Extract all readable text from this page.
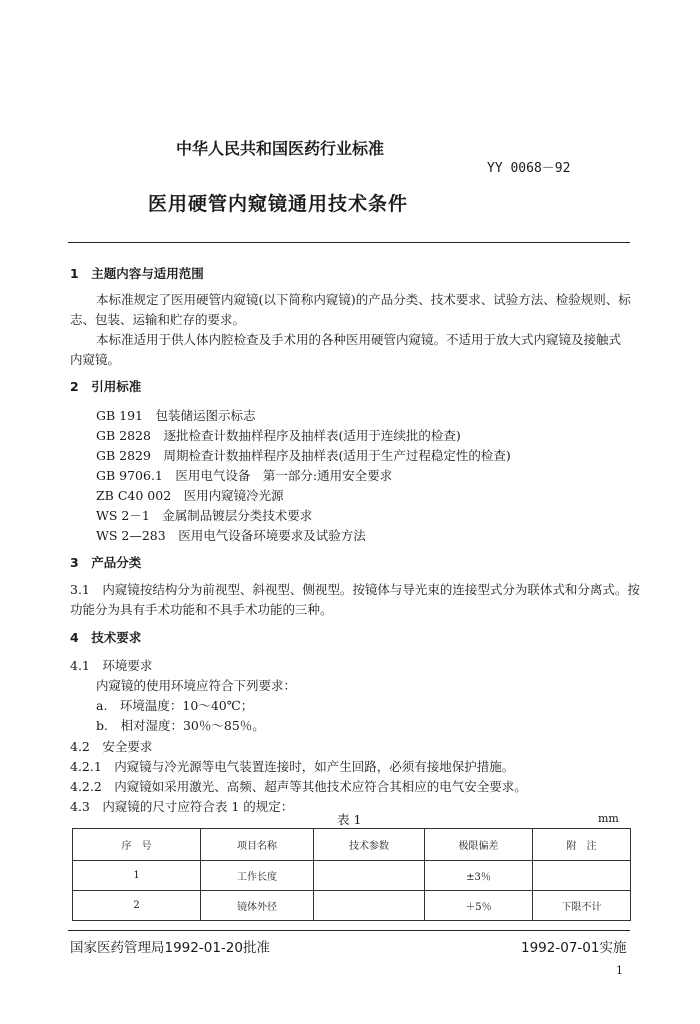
中华人民共和国医药行业标准
YY 0068－92
医用硬管内窥镜通用技术条件
1　主题内容与适用范围
本标准规定了医用硬管内窥镜(以下简称内窥镜)的产品分类、技术要求、试验方法、检验规则、标
志、包装、运输和贮存的要求。
本标准适用于供人体内腔检查及手术用的各种医用硬管内窥镜。不适用于放大式内窥镜及接触式
内窥镜。
2　引用标准
GB 191　包装储运图示标志
GB 2828　逐批检查计数抽样程序及抽样表(适用于连续批的检查)
GB 2829　周期检查计数抽样程序及抽样表(适用于生产过程稳定性的检查)
GB 9706.1　医用电气设备　第一部分:通用安全要求
ZB C40 002　医用内窥镜冷光源
WS 2－1　金属制品镀层分类技术要求
WS 2—283　医用电气设备环境要求及试验方法
3　产品分类
3.1　内窥镜按结构分为前视型、斜视型、侧视型。按镜体与导光束的连接型式分为联体式和分离式。按
功能分为具有手术功能和不具手术功能的三种。
4　技术要求
4.1　环境要求
内窥镜的使用环境应符合下列要求：
a.　环境温度：10～40℃；
b.　相对湿度：30％～85％。
4.2　安全要求
4.2.1　内窥镜与冷光源等电气装置连接时，如产生回路，必须有接地保护措施。
4.2.2　内窥镜如采用激光、高频、超声等其他技术应符合其相应的电气安全要求。
4.3　内窥镜的尺寸应符合表 1 的规定：
表 1	mm
序　号	项目名称	技术参数	极限偏差	附　注
1	工作长度		±3％	
2	镜体外径		＋5％	下限不计
国家医药管理局1992-01-20批准	1992-07-01实施
1
